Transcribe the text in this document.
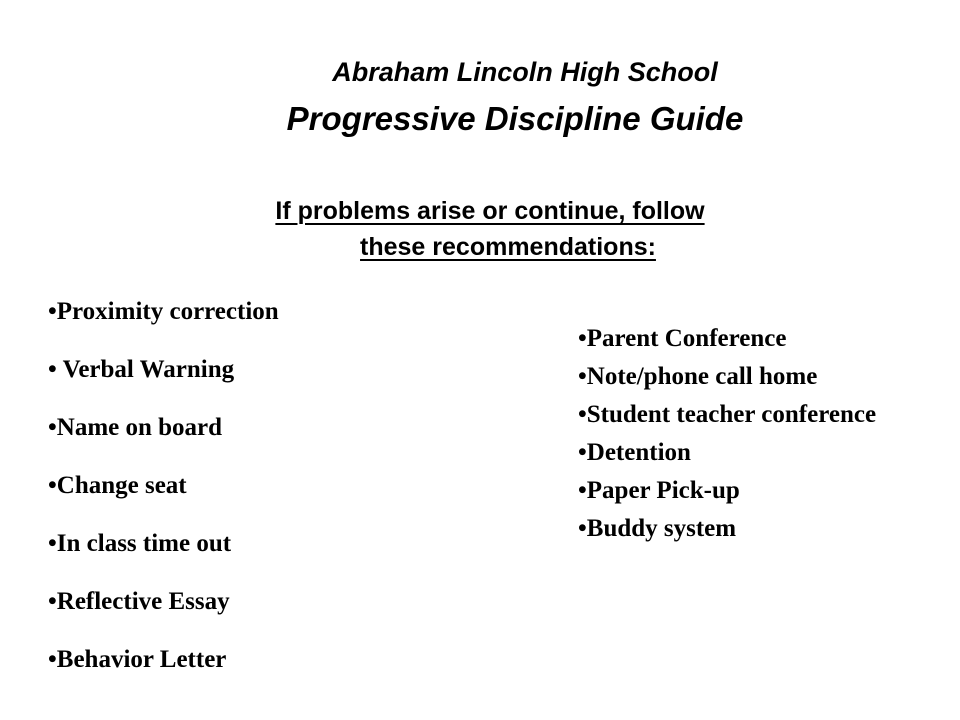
Abraham Lincoln High School
Progressive Discipline Guide
If problems arise or continue, follow
these recommendations:
•Proximity correction
• Verbal Warning
•Name on board
•Change seat
•In class time out
•Reflective Essay
•Behavior Letter
•Parent Conference
•Note/phone call home
•Student teacher conference
•Detention
•Paper Pick-up
•Buddy system
